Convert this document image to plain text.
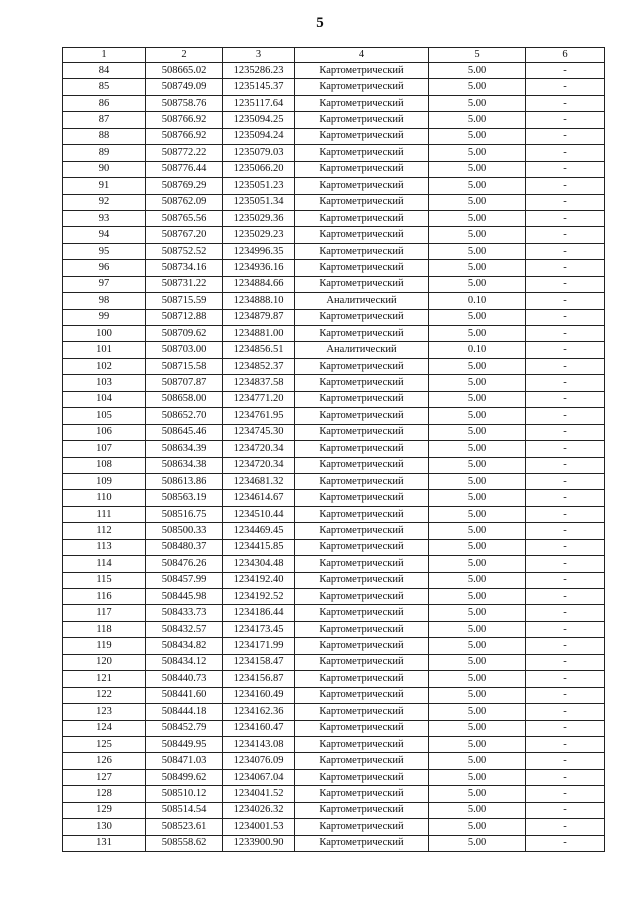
5
1	2	3	4	5	6
84	508665.02	1235286.23	Картометрический	5.00	-
85	508749.09	1235145.37	Картометрический	5.00	-
86	508758.76	1235117.64	Картометрический	5.00	-
87	508766.92	1235094.25	Картометрический	5.00	-
88	508766.92	1235094.24	Картометрический	5.00	-
89	508772.22	1235079.03	Картометрический	5.00	-
90	508776.44	1235066.20	Картометрический	5.00	-
91	508769.29	1235051.23	Картометрический	5.00	-
92	508762.09	1235051.34	Картометрический	5.00	-
93	508765.56	1235029.36	Картометрический	5.00	-
94	508767.20	1235029.23	Картометрический	5.00	-
95	508752.52	1234996.35	Картометрический	5.00	-
96	508734.16	1234936.16	Картометрический	5.00	-
97	508731.22	1234884.66	Картометрический	5.00	-
98	508715.59	1234888.10	Аналитический	0.10	-
99	508712.88	1234879.87	Картометрический	5.00	-
100	508709.62	1234881.00	Картометрический	5.00	-
101	508703.00	1234856.51	Аналитический	0.10	-
102	508715.58	1234852.37	Картометрический	5.00	-
103	508707.87	1234837.58	Картометрический	5.00	-
104	508658.00	1234771.20	Картометрический	5.00	-
105	508652.70	1234761.95	Картометрический	5.00	-
106	508645.46	1234745.30	Картометрический	5.00	-
107	508634.39	1234720.34	Картометрический	5.00	-
108	508634.38	1234720.34	Картометрический	5.00	-
109	508613.86	1234681.32	Картометрический	5.00	-
110	508563.19	1234614.67	Картометрический	5.00	-
111	508516.75	1234510.44	Картометрический	5.00	-
112	508500.33	1234469.45	Картометрический	5.00	-
113	508480.37	1234415.85	Картометрический	5.00	-
114	508476.26	1234304.48	Картометрический	5.00	-
115	508457.99	1234192.40	Картометрический	5.00	-
116	508445.98	1234192.52	Картометрический	5.00	-
117	508433.73	1234186.44	Картометрический	5.00	-
118	508432.57	1234173.45	Картометрический	5.00	-
119	508434.82	1234171.99	Картометрический	5.00	-
120	508434.12	1234158.47	Картометрический	5.00	-
121	508440.73	1234156.87	Картометрический	5.00	-
122	508441.60	1234160.49	Картометрический	5.00	-
123	508444.18	1234162.36	Картометрический	5.00	-
124	508452.79	1234160.47	Картометрический	5.00	-
125	508449.95	1234143.08	Картометрический	5.00	-
126	508471.03	1234076.09	Картометрический	5.00	-
127	508499.62	1234067.04	Картометрический	5.00	-
128	508510.12	1234041.52	Картометрический	5.00	-
129	508514.54	1234026.32	Картометрический	5.00	-
130	508523.61	1234001.53	Картометрический	5.00	-
131	508558.62	1233900.90	Картометрический	5.00	-
